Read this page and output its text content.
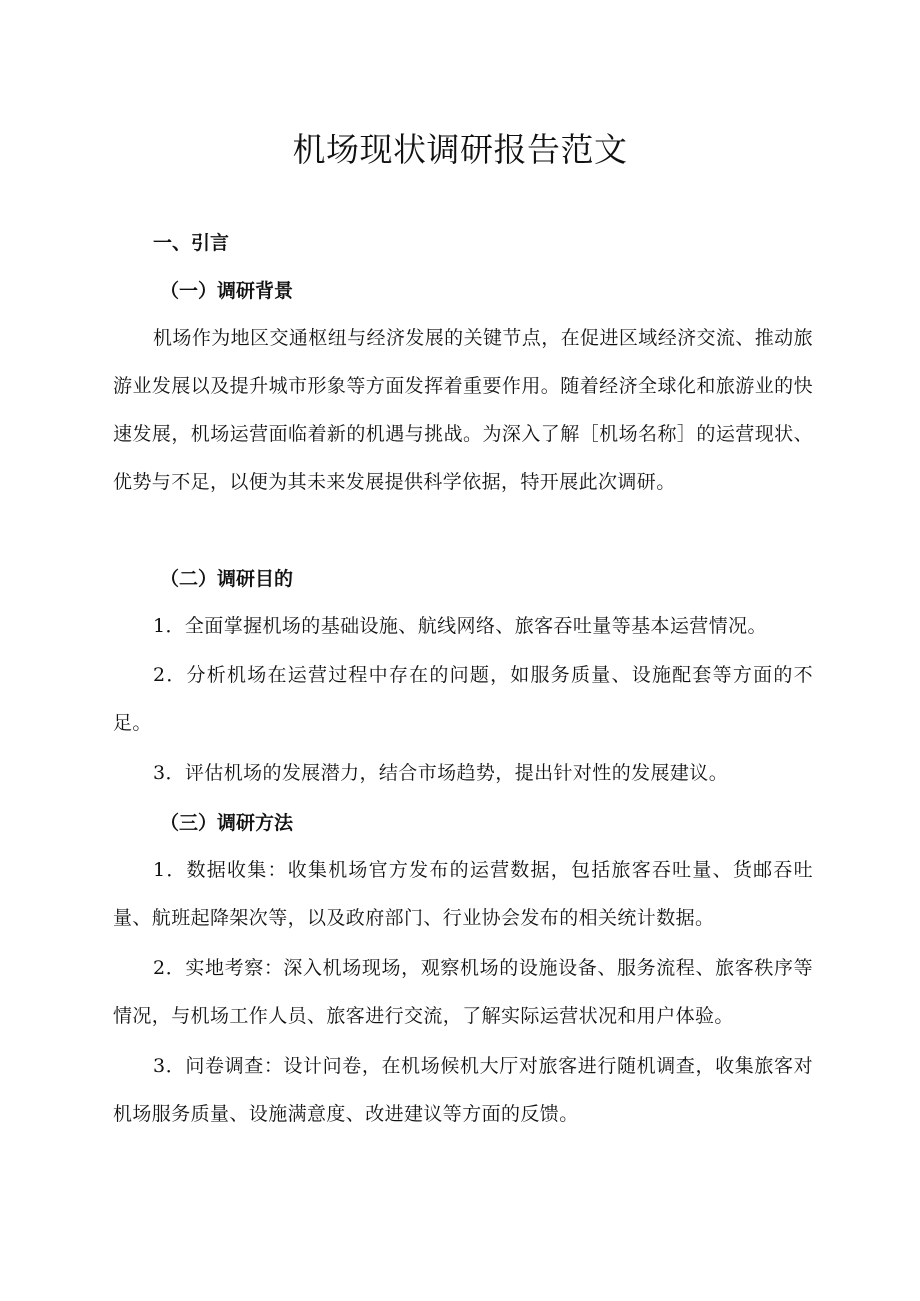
机场现状调研报告范文
一、引言
（一）调研背景

机场作为地区交通枢纽与经济发展的关键节点，在促进区域经济交流、推动旅游业发展以及提升城市形象等方面发挥着重要作用。随着经济全球化和旅游业的快速发展，机场运营面临着新的机遇与挑战。为深入了解［机场名称］的运营现状、优势与不足，以便为其未来发展提供科学依据，特开展此次调研。

（二）调研目的

1．全面掌握机场的基础设施、航线网络、旅客吞吐量等基本运营情况。

2．分析机场在运营过程中存在的问题，如服务质量、设施配套等方面的不足。

3．评估机场的发展潜力，结合市场趋势，提出针对性的发展建议。

（三）调研方法

1．数据收集：收集机场官方发布的运营数据，包括旅客吞吐量、货邮吞吐量、航班起降架次等，以及政府部门、行业协会发布的相关统计数据。

2．实地考察：深入机场现场，观察机场的设施设备、服务流程、旅客秩序等情况，与机场工作人员、旅客进行交流，了解实际运营状况和用户体验。

3．问卷调查：设计问卷，在机场候机大厅对旅客进行随机调查，收集旅客对机场服务质量、设施满意度、改进建议等方面的反馈。
